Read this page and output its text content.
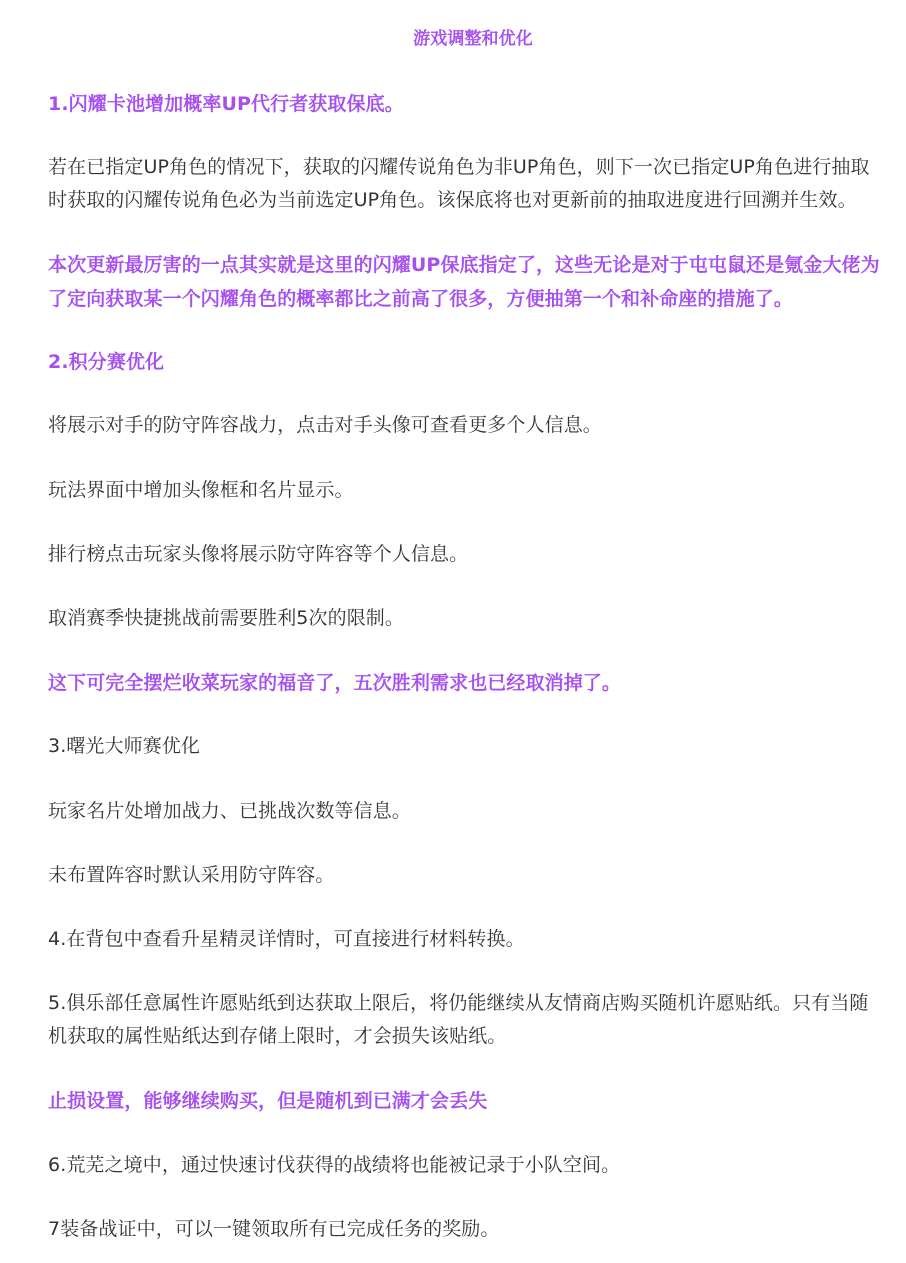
游戏调整和优化
1.闪耀卡池增加概率UP代行者获取保底。
若在已指定UP角色的情况下，获取的闪耀传说角色为非UP角色，则下一次已指定UP角色进行抽取
时获取的闪耀传说角色必为当前选定UP角色。该保底将也对更新前的抽取进度进行回溯并生效。
本次更新最厉害的一点其实就是这里的闪耀UP保底指定了，这些无论是对于屯屯鼠还是氪金大佬为
了定向获取某一个闪耀角色的概率都比之前高了很多，方便抽第一个和补命座的措施了。
2.积分赛优化
将展示对手的防守阵容战力，点击对手头像可查看更多个人信息。
玩法界面中增加头像框和名片显示。
排行榜点击玩家头像将展示防守阵容等个人信息。
取消赛季快捷挑战前需要胜利5次的限制。
这下可完全摆烂收菜玩家的福音了，五次胜利需求也已经取消掉了。
3.曙光大师赛优化
玩家名片处增加战力、已挑战次数等信息。
未布置阵容时默认采用防守阵容。
4.在背包中查看升星精灵详情时，可直接进行材料转换。
5.俱乐部任意属性许愿贴纸到达获取上限后，将仍能继续从友情商店购买随机许愿贴纸。只有当随
机获取的属性贴纸达到存储上限时，才会损失该贴纸。
止损设置，能够继续购买，但是随机到已满才会丢失
6.荒芜之境中，通过快速讨伐获得的战绩将也能被记录于小队空间。
7装备战证中，可以一键领取所有已完成任务的奖励。
